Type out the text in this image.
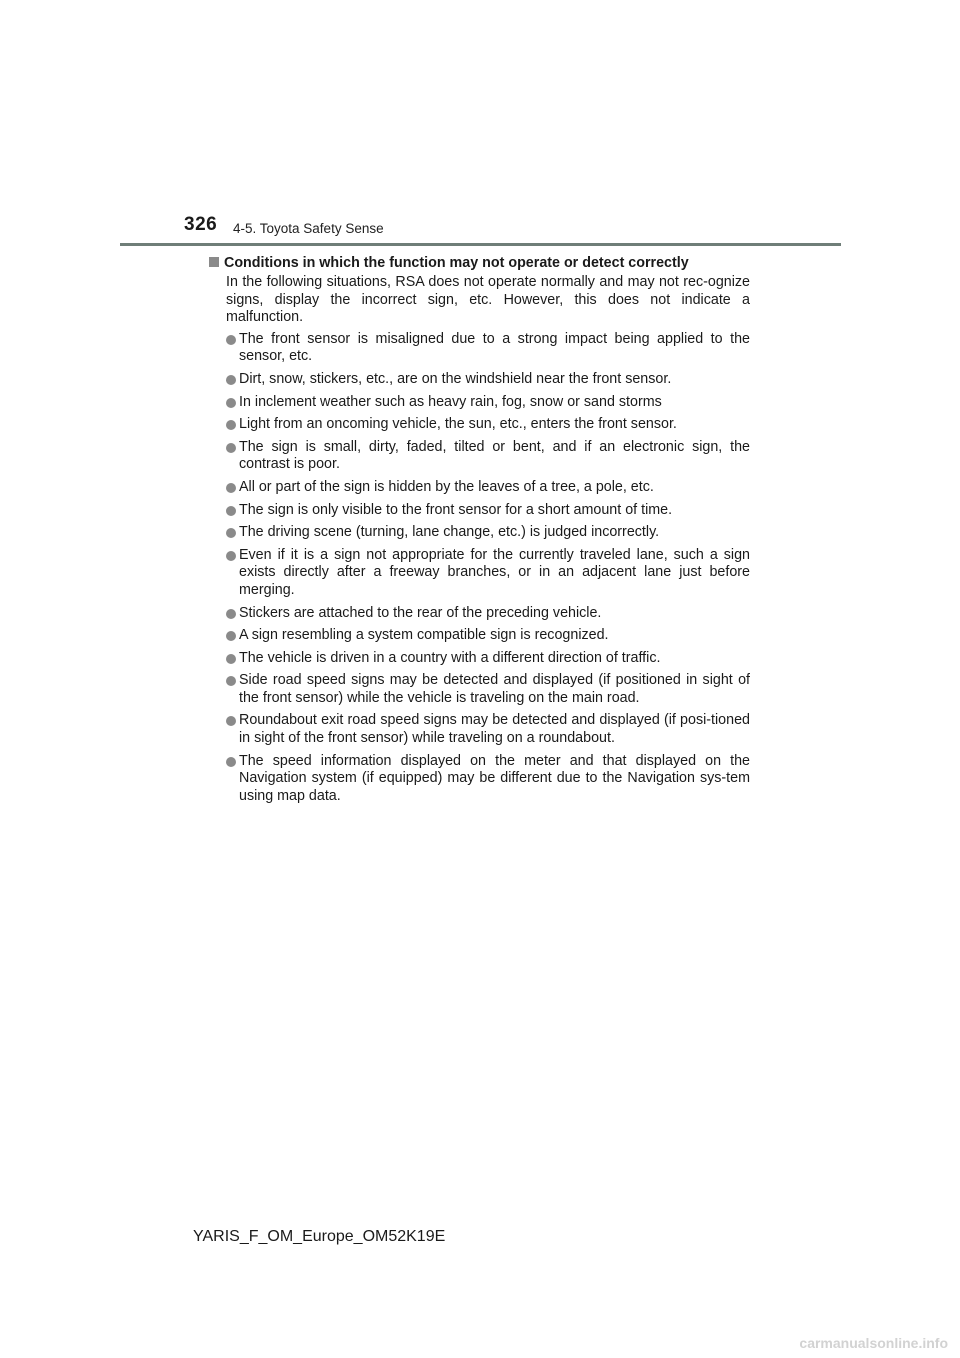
326 4-5. Toyota Safety Sense
Conditions in which the function may not operate or detect correctly

In the following situations, RSA does not operate normally and may not rec-ognize signs, display the incorrect sign, etc. However, this does not indicate a malfunction.

The front sensor is misaligned due to a strong impact being applied to the sensor, etc.
Dirt, snow, stickers, etc., are on the windshield near the front sensor.
In inclement weather such as heavy rain, fog, snow or sand storms
Light from an oncoming vehicle, the sun, etc., enters the front sensor.
The sign is small, dirty, faded, tilted or bent, and if an electronic sign, the contrast is poor.
All or part of the sign is hidden by the leaves of a tree, a pole, etc.
The sign is only visible to the front sensor for a short amount of time.
The driving scene (turning, lane change, etc.) is judged incorrectly.
Even if it is a sign not appropriate for the currently traveled lane, such a sign exists directly after a freeway branches, or in an adjacent lane just before merging.
Stickers are attached to the rear of the preceding vehicle.
A sign resembling a system compatible sign is recognized.
The vehicle is driven in a country with a different direction of traffic.
Side road speed signs may be detected and displayed (if positioned in sight of the front sensor) while the vehicle is traveling on the main road.
Roundabout exit road speed signs may be detected and displayed (if posi-tioned in sight of the front sensor) while traveling on a roundabout.
The speed information displayed on the meter and that displayed on the Navigation system (if equipped) may be different due to the Navigation sys-tem using map data.
YARIS_F_OM_Europe_OM52K19E
carmanualsonline.info
